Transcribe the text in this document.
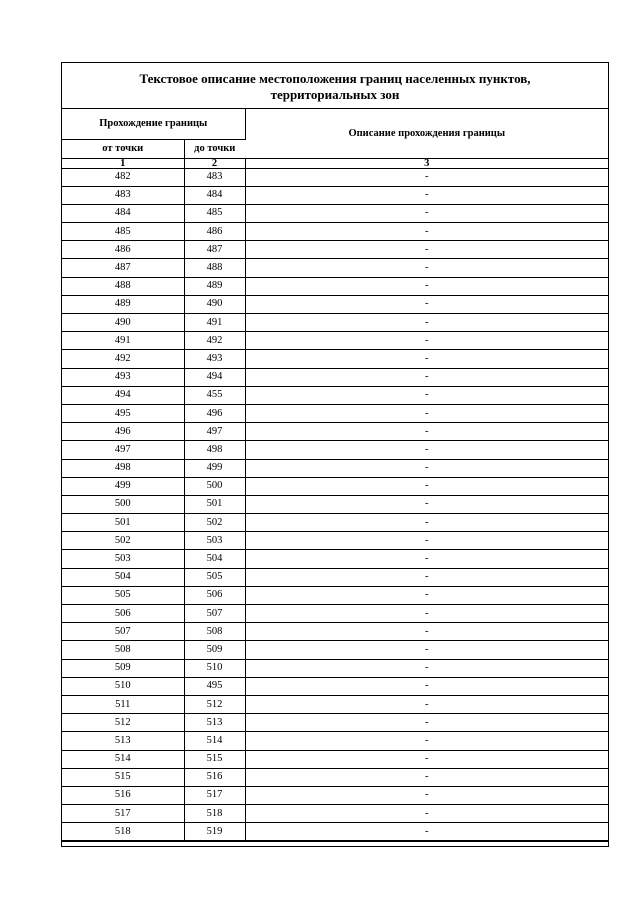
Текстовое описание местоположения границ населенных пунктов,
территориальных зон
Прохождение границы		Описание прохождения границы
от точки	до точки	
1	2	3
482	483	-
483	484	-
484	485	-
485	486	-
486	487	-
487	488	-
488	489	-
489	490	-
490	491	-
491	492	-
492	493	-
493	494	-
494	455	-
495	496	-
496	497	-
497	498	-
498	499	-
499	500	-
500	501	-
501	502	-
502	503	-
503	504	-
504	505	-
505	506	-
506	507	-
507	508	-
508	509	-
509	510	-
510	495	-
511	512	-
512	513	-
513	514	-
514	515	-
515	516	-
516	517	-
517	518	-
518	519	-
